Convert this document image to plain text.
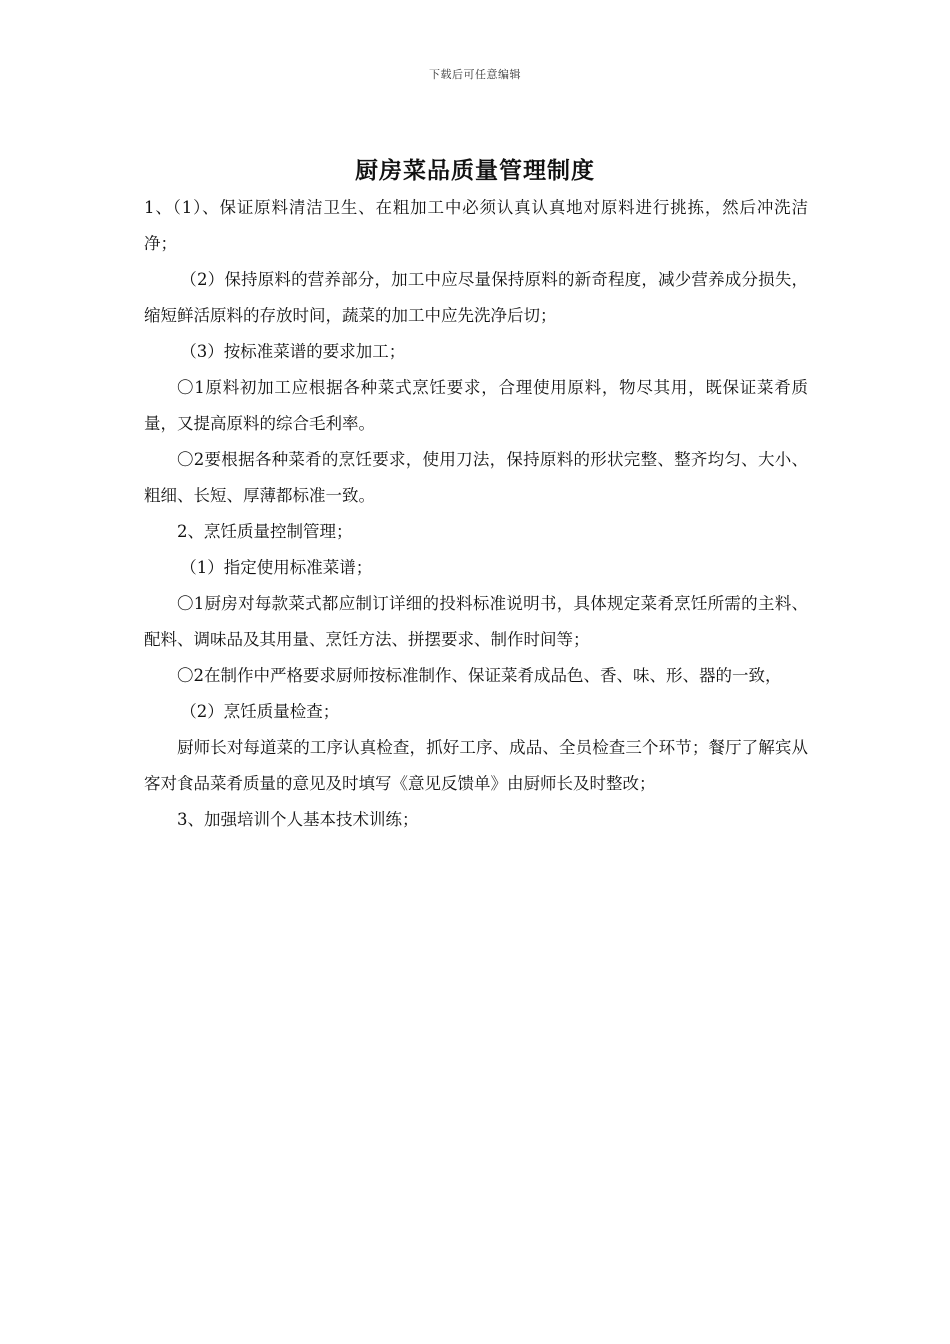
下载后可任意编辑
厨房菜品质量管理制度

1、（1）、保证原料清洁卫生、在粗加工中必须认真认真地对原料进行挑拣，然后冲洗洁净；

（2）保持原料的营养部分，加工中应尽量保持原料的新奇程度，减少营养成分损失，缩短鲜活原料的存放时间，蔬菜的加工中应先洗净后切；

（3）按标准菜谱的要求加工；

〇1原料初加工应根据各种菜式烹饪要求，合理使用原料，物尽其用，既保证菜肴质量，又提高原料的综合毛利率。

〇2要根据各种菜肴的烹饪要求，使用刀法，保持原料的形状完整、整齐均匀、大小、粗细、长短、厚薄都标准一致。

2、烹饪质量控制管理；

（1）指定使用标准菜谱；

〇1厨房对每款菜式都应制订详细的投料标准说明书，具体规定菜肴烹饪所需的主料、配料、调味品及其用量、烹饪方法、拼摆要求、制作时间等；

〇2在制作中严格要求厨师按标准制作、保证菜肴成品色、香、味、形、器的一致，

（2）烹饪质量检查；

厨师长对每道菜的工序认真检查，抓好工序、成品、全员检查三个环节；餐厅了解宾从客对食品菜肴质量的意见及时填写《意见反馈单》由厨师长及时整改；

3、加强培训个人基本技术训练；
